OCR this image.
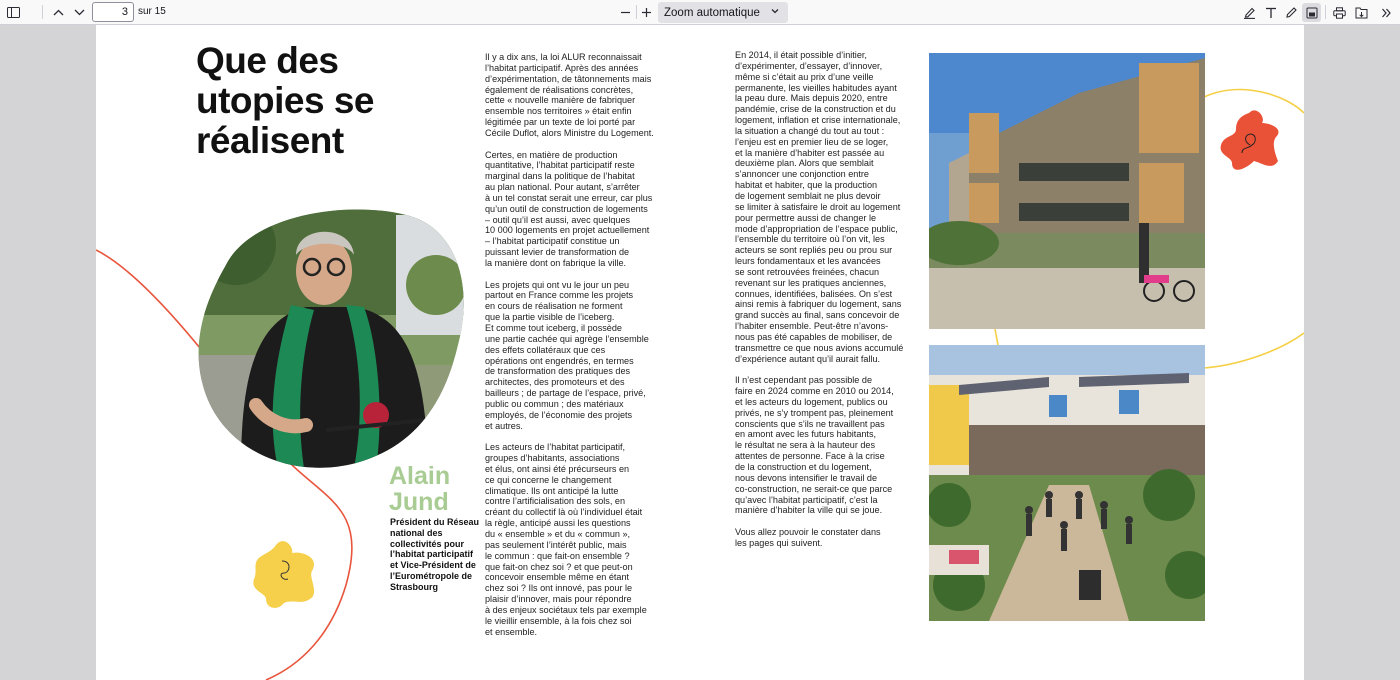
3
sur 15	Zoom automatique
Que des utopies se réalisent
Alain Jund
Président du Réseau national des collectivités pour l’habitat participatif et Vice-Président de l’Eurométropole de Strasbourg

Il y a dix ans, la loi ALUR reconnaissait
l’habitat participatif. Après des années
d’expérimentation, de tâtonnements mais
également de réalisations concrètes,
cette « nouvelle manière de fabriquer
ensemble nos territoires » était enfin
légitimée par un texte de loi porté par
Cécile Duflot, alors Ministre du Logement.

Certes, en matière de production
quantitative, l’habitat participatif reste
marginal dans la politique de l’habitat
au plan national. Pour autant, s’arrêter
à un tel constat serait une erreur, car plus
qu’un outil de construction de logements
– outil qu’il est aussi, avec quelques
10 000 logements en projet actuellement
– l’habitat participatif constitue un
puissant levier de transformation de
la manière dont on fabrique la ville.

Les projets qui ont vu le jour un peu
partout en France comme les projets
en cours de réalisation ne forment
que la partie visible de l’iceberg.
Et comme tout iceberg, il possède
une partie cachée qui agrège l’ensemble
des effets collatéraux que ces
opérations ont engendrés, en termes
de transformation des pratiques des
architectes, des promoteurs et des
bailleurs ; de partage de l’espace, privé,
public ou commun ; des matériaux
employés, de l’économie des projets
et autres.

Les acteurs de l’habitat participatif,
groupes d’habitants, associations
et élus, ont ainsi été précurseurs en
ce qui concerne le changement
climatique. Ils ont anticipé la lutte
contre l’artificialisation des sols, en
créant du collectif là où l’individuel était
la règle, anticipé aussi les questions
du « ensemble » et du « commun »,
pas seulement l’intérêt public, mais
le commun : que fait-on ensemble ?
que fait-on chez soi ? et que peut-on
concevoir ensemble même en étant
chez soi ? Ils ont innové, pas pour le
plaisir d’innover, mais pour répondre
à des enjeux sociétaux tels par exemple
le vieillir ensemble, à la fois chez soi
et ensemble.

En 2014, il était possible d’initier,
d’expérimenter, d’essayer, d’innover,
même si c’était au prix d’une veille
permanente, les vieilles habitudes ayant
la peau dure. Mais depuis 2020, entre
pandémie, crise de la construction et du
logement, inflation et crise internationale,
la situation a changé du tout au tout :
l’enjeu est en premier lieu de se loger,
et la manière d’habiter est passée au
deuxième plan. Alors que semblait
s’annoncer une conjonction entre
habitat et habiter, que la production
de logement semblait ne plus devoir
se limiter à satisfaire le droit au logement
pour permettre aussi de changer le
mode d’appropriation de l’espace public,
l’ensemble du territoire où l’on vit, les
acteurs se sont repliés peu ou prou sur
leurs fondamentaux et les avancées
se sont retrouvées freinées, chacun
revenant sur les pratiques anciennes,
connues, identifiées, balisées. On s’est
ainsi remis à fabriquer du logement, sans
grand succès au final, sans concevoir de
l’habiter ensemble. Peut-être n’avons-
nous pas été capables de mobiliser, de
transmettre ce que nous avions accumulé
d’expérience autant qu’il aurait fallu.

Il n’est cependant pas possible de
faire en 2024 comme en 2010 ou 2014,
et les acteurs du logement, publics ou
privés, ne s’y trompent pas, pleinement
conscients que s’ils ne travaillent pas
en amont avec les futurs habitants,
le résultat ne sera à la hauteur des
attentes de personne. Face à la crise
de la construction et du logement,
nous devons intensifier le travail de
co-construction, ne serait-ce que parce
qu’avec l’habitat participatif, c’est la
manière d’habiter la ville qui se joue.

Vous allez pouvoir le constater dans
les pages qui suivent.
